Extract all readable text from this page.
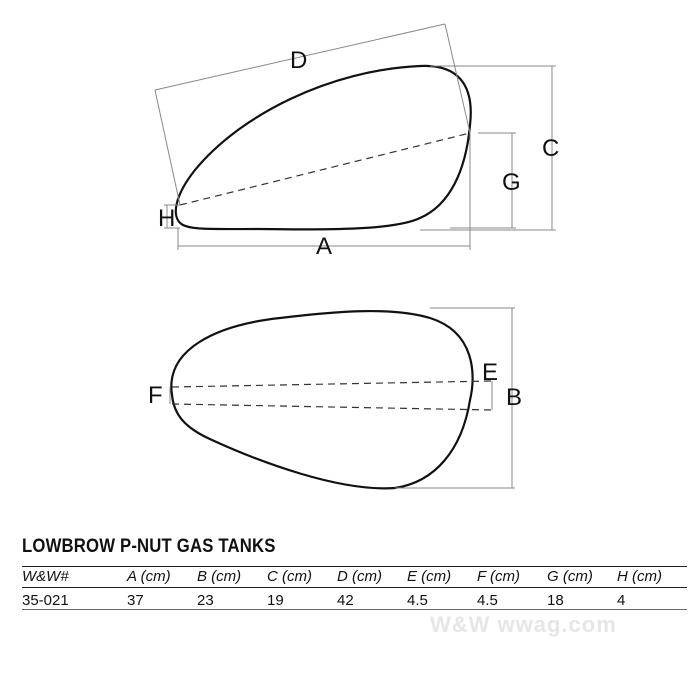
D
C
G
H
A
E
F	B
LOWBROW P-NUT GAS TANKS
W&W#	A (cm)	B (cm)	C (cm)	D (cm)	E (cm)	F (cm)	G (cm)	H (cm)
35-021	37	23	19	42	4.5	4.5	18	4
W&W wwag.com
